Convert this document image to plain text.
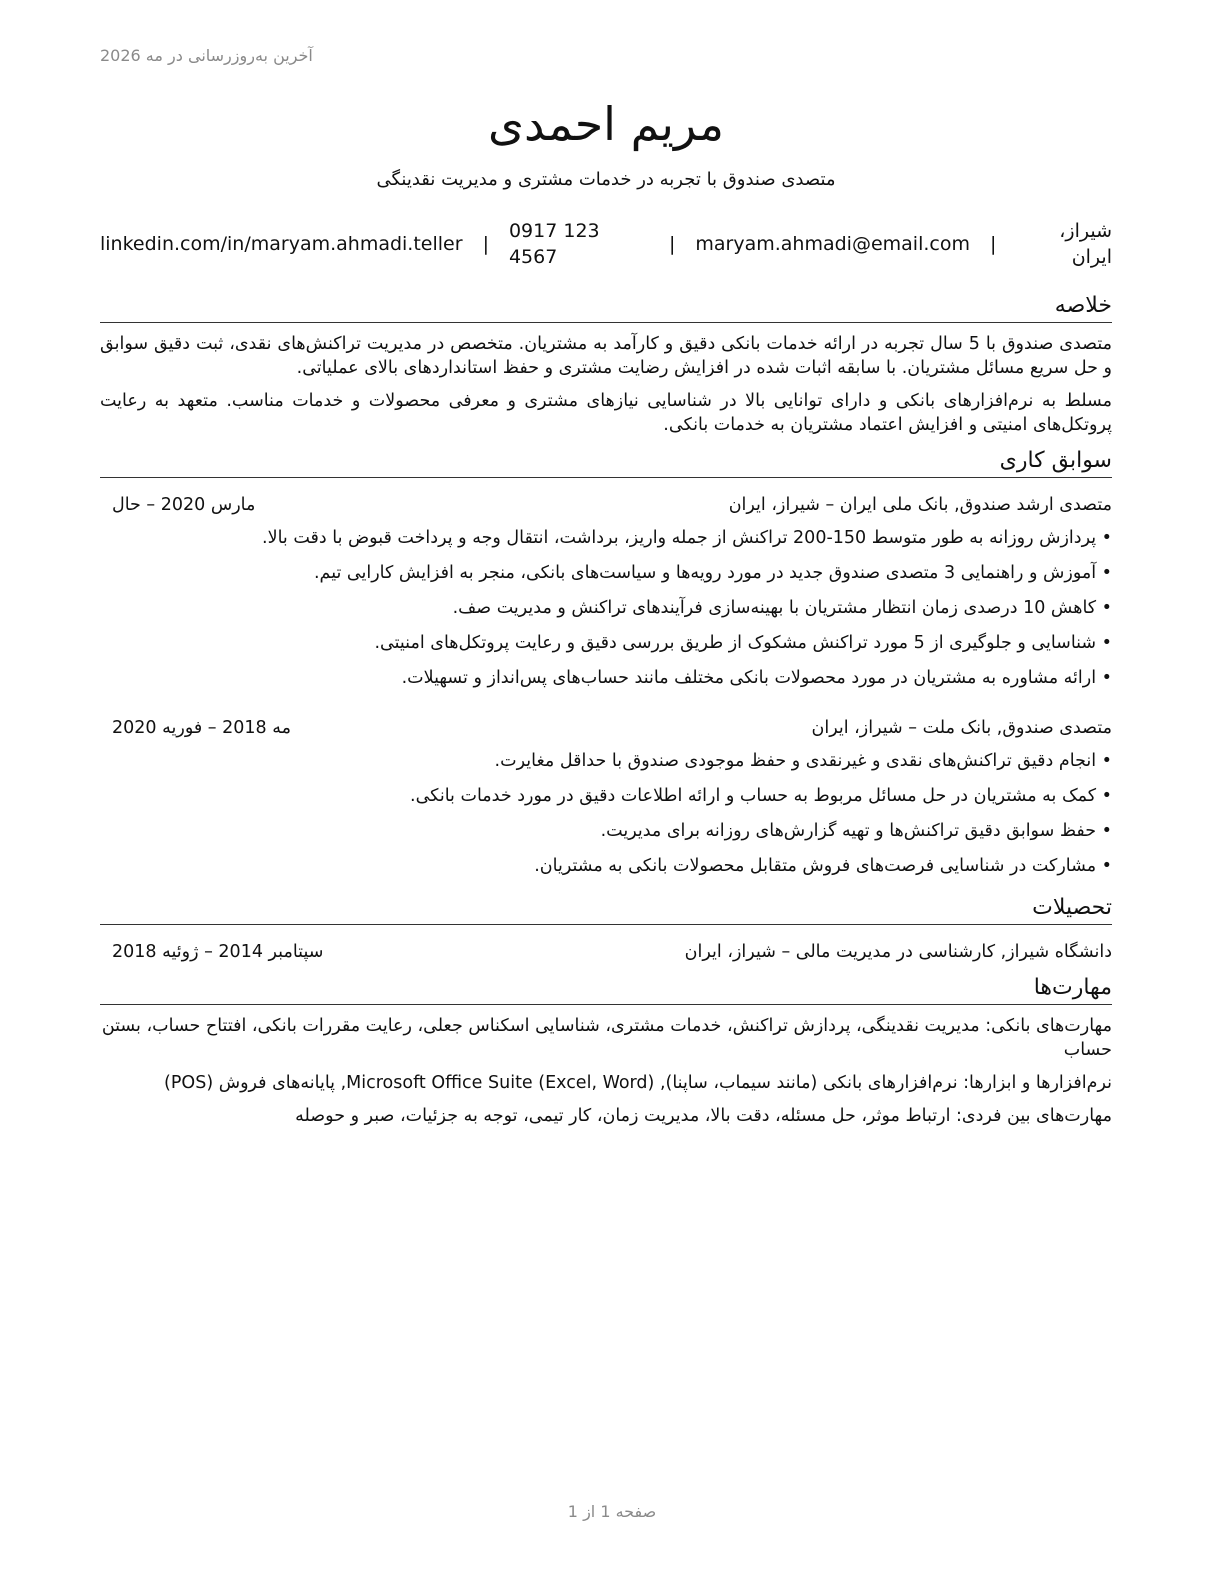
آخرین به‌روزرسانی در مه 2026
مریم احمدی
متصدی صندوق با تجربه در خدمات مشتری و مدیریت نقدینگی
شیراز، ایران
|
maryam.ahmadi@email.com
|
0917 123 4567
|
linkedin.com/in/maryam.ahmadi.teller
خلاصه

متصدی صندوق با 5 سال تجربه در ارائه خدمات بانکی دقیق و کارآمد به مشتریان. متخصص در مدیریت تراکنش‌های نقدی، ثبت دقیق سوابق و حل سریع مسائل مشتریان. با سابقه اثبات شده در افزایش رضایت مشتری و حفظ استانداردهای بالای عملیاتی.

مسلط به نرم‌افزارهای بانکی و دارای توانایی بالا در شناسایی نیازهای مشتری و معرفی محصولات و خدمات مناسب. متعهد به رعایت پروتکل‌های امنیتی و افزایش اعتماد مشتریان به خدمات بانکی.

سوابق کاری
متصدی ارشد صندوق, بانک ملی ایران – شیراز، ایران
مارس 2020 – حال
• پردازش روزانه به طور متوسط 150-200 تراکنش از جمله واریز، برداشت، انتقال وجه و پرداخت قبوض با دقت بالا.
• آموزش و راهنمایی 3 متصدی صندوق جدید در مورد رویه‌ها و سیاست‌های بانکی، منجر به افزایش کارایی تیم.
• کاهش 10 درصدی زمان انتظار مشتریان با بهینه‌سازی فرآیندهای تراکنش و مدیریت صف.
• شناسایی و جلوگیری از 5 مورد تراکنش مشکوک از طریق بررسی دقیق و رعایت پروتکل‌های امنیتی.
• ارائه مشاوره به مشتریان در مورد محصولات بانکی مختلف مانند حساب‌های پس‌انداز و تسهیلات.
متصدی صندوق, بانک ملت – شیراز، ایران
مه 2018 – فوریه 2020
• انجام دقیق تراکنش‌های نقدی و غیرنقدی و حفظ موجودی صندوق با حداقل مغایرت.
• کمک به مشتریان در حل مسائل مربوط به حساب و ارائه اطلاعات دقیق در مورد خدمات بانکی.
• حفظ سوابق دقیق تراکنش‌ها و تهیه گزارش‌های روزانه برای مدیریت.
• مشارکت در شناسایی فرصت‌های فروش متقابل محصولات بانکی به مشتریان.
تحصیلات
دانشگاه شیراز, کارشناسی در مدیریت مالی – شیراز، ایران
سپتامبر 2014 – ژوئیه 2018
مهارت‌ها

مهارت‌های بانکی: مدیریت نقدینگی، پردازش تراکنش، خدمات مشتری، شناسایی اسکناس جعلی، رعایت مقررات بانکی، افتتاح حساب، بستن حساب

نرم‌افزارها و ابزارها: نرم‌افزارهای بانکی (مانند سیماب، ساپنا), Microsoft Office Suite (Excel, Word), پایانه‌های فروش (POS)

مهارت‌های بین فردی: ارتباط موثر، حل مسئله، دقت بالا، مدیریت زمان، کار تیمی، توجه به جزئیات، صبر و حوصله

صفحه 1 از 1
